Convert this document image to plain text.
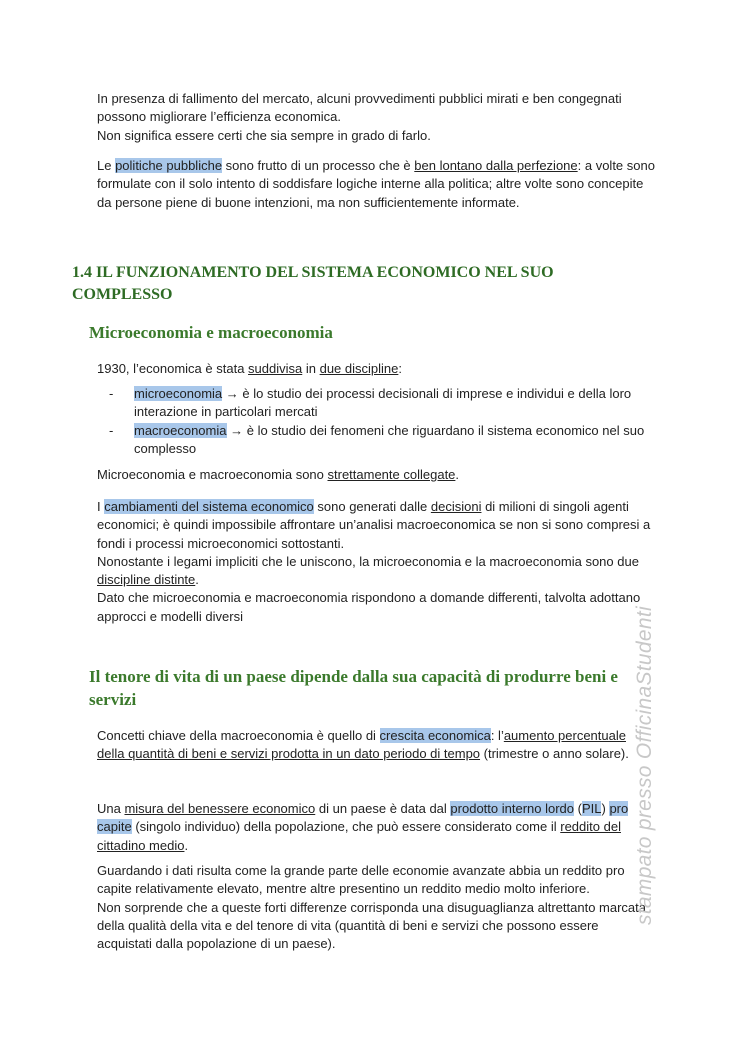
In presenza di fallimento del mercato, alcuni provvedimenti pubblici mirati e ben congegnati possono migliorare l’efficienza economica.
Non significa essere certi che sia sempre in grado di farlo.
Le politiche pubbliche sono frutto di un processo che è ben lontano dalla perfezione: a volte sono formulate con il solo intento di soddisfare logiche interne alla politica; altre volte sono concepite da persone piene di buone intenzioni, ma non sufficientemente informate.
1.4 IL FUNZIONAMENTO DEL SISTEMA ECONOMICO NEL SUO
COMPLESSO
Microeconomia e macroeconomia
1930, l’economica è stata suddivisa in due discipline:
- microeconomia → è lo studio dei processi decisionali di imprese e individui e della loro interazione in particolari mercati
- macroeconomia → è lo studio dei fenomeni che riguardano il sistema economico nel suo complesso
Microeconomia e macroeconomia sono strettamente collegate.
I cambiamenti del sistema economico sono generati dalle decisioni di milioni di singoli agenti economici; è quindi impossibile affrontare un’analisi macroeconomica se non si sono compresi a fondi i processi microeconomici sottostanti.
Nonostante i legami impliciti che le uniscono, la microeconomia e la macroeconomia sono due discipline distinte.
Dato che microeconomia e macroeconomia rispondono a domande differenti, talvolta adottano approcci e modelli diversi
Il tenore di vita di un paese dipende dalla sua capacità di produrre beni e
servizi
Concetti chiave della macroeconomia è quello di crescita economica: l’aumento percentuale della quantità di beni e servizi prodotta in un dato periodo di tempo (trimestre o anno solare).
Una misura del benessere economico di un paese è data dal prodotto interno lordo (PIL) pro capite (singolo individuo) della popolazione, che può essere considerato come il reddito del cittadino medio.
Guardando i dati risulta come la grande parte delle economie avanzate abbia un reddito pro capite relativamente elevato, mentre altre presentino un reddito medio molto inferiore.
Non sorprende che a queste forti differenze corrisponda una disuguaglianza altrettanto marcata della qualità della vita e del tenore di vita (quantità di beni e servizi che possono essere acquistati dalla popolazione di un paese).
stampato presso OfficinaStudenti
